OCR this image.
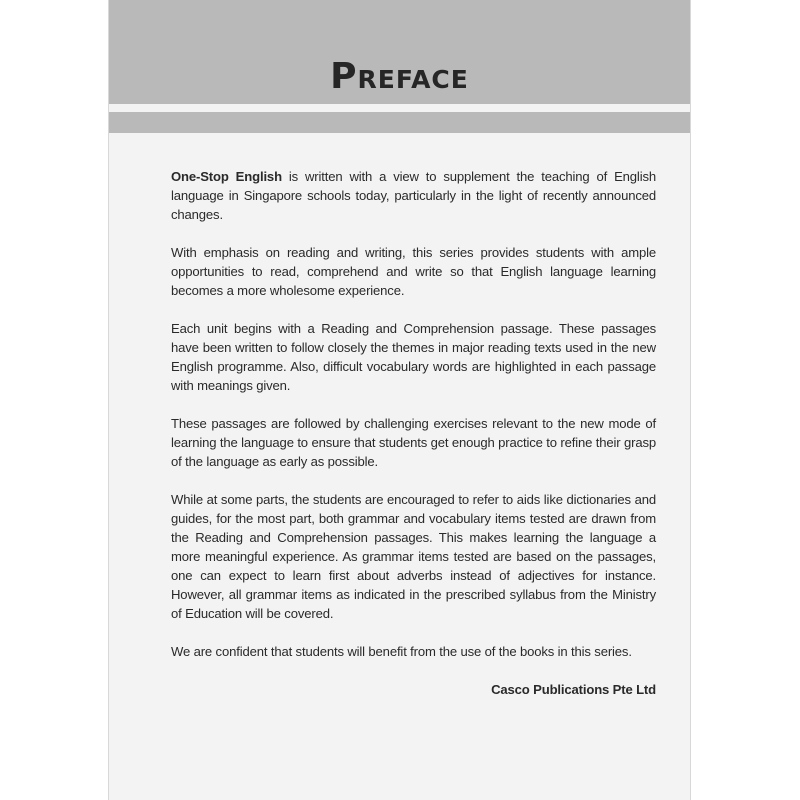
Preface

One-Stop English is written with a view to supplement the teaching of English language in Singapore schools today, particularly in the light of recently announced changes.

With emphasis on reading and writing, this series provides students with ample opportunities to read, comprehend and write so that English language learning becomes a more wholesome experience.

Each unit begins with a Reading and Comprehension passage. These passages have been written to follow closely the themes in major reading texts used in the new English programme. Also, difficult vocabulary words are highlighted in each passage with meanings given.

These passages are followed by challenging exercises relevant to the new mode of learning the language to ensure that students get enough practice to refine their grasp of the language as early as possible.

While at some parts, the students are encouraged to refer to aids like dictionaries and guides, for the most part, both grammar and vocabulary items tested are drawn from the Reading and Comprehension passages. This makes learning the language a more meaningful experience. As grammar items tested are based on the passages, one can expect to learn first about adverbs instead of adjectives for instance. However, all grammar items as indicated in the prescribed syllabus from the Ministry of Education will be covered.

We are confident that students will benefit from the use of the books in this series.

Casco Publications Pte Ltd
